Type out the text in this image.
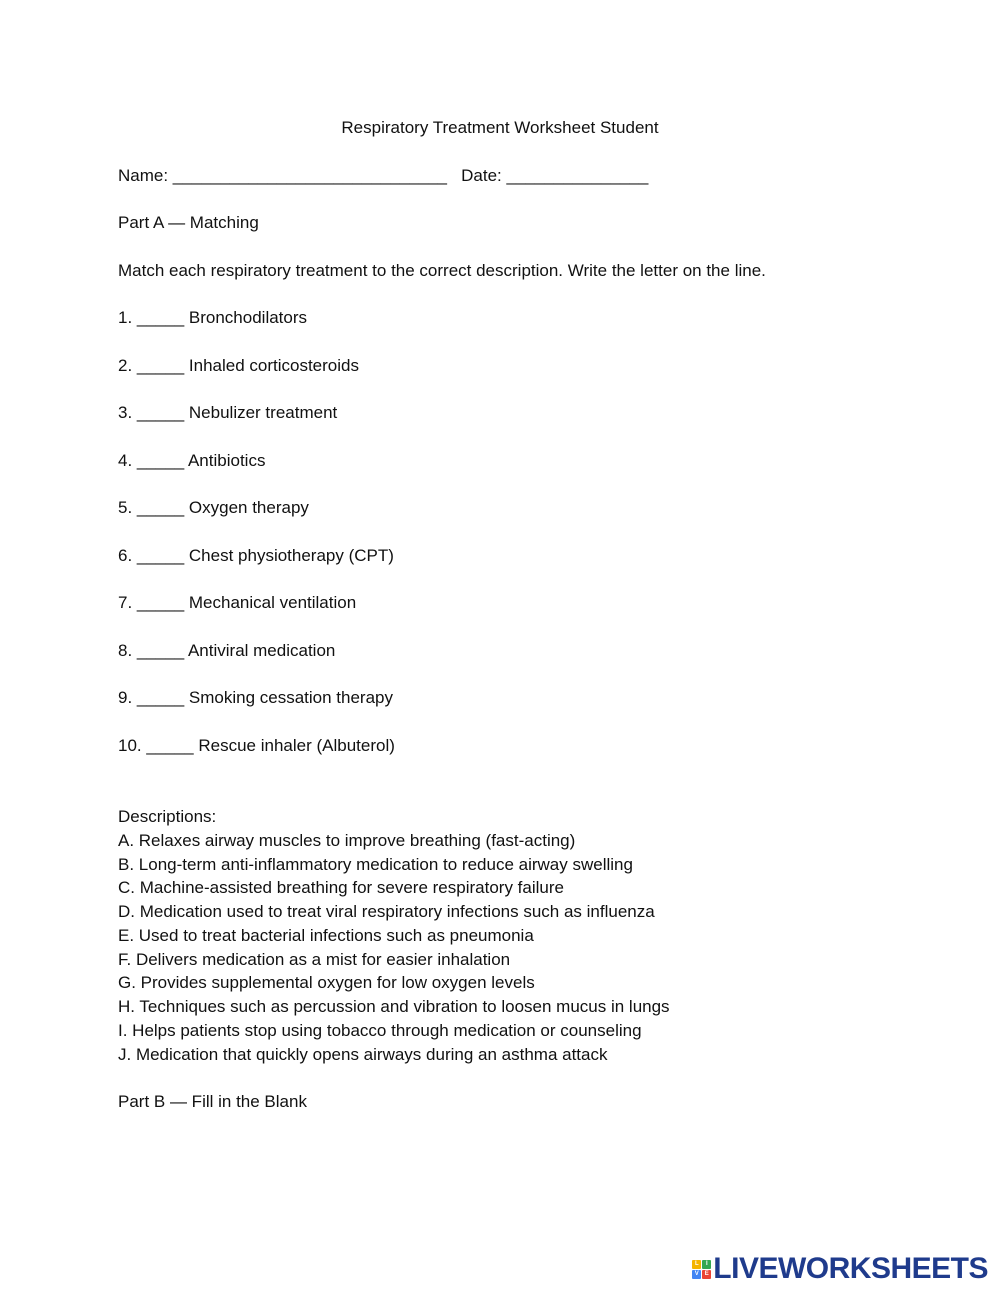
Respiratory Treatment Worksheet Student
Name: _____________________________   Date: _______________
Part A — Matching
Match each respiratory treatment to the correct description. Write the letter on the line.
1. _____ Bronchodilators
2. _____ Inhaled corticosteroids
3. _____ Nebulizer treatment
4. _____ Antibiotics
5. _____ Oxygen therapy
6. _____ Chest physiotherapy (CPT)
7. _____ Mechanical ventilation
8. _____ Antiviral medication
9. _____ Smoking cessation therapy
10. _____ Rescue inhaler (Albuterol)
Descriptions:
A. Relaxes airway muscles to improve breathing (fast-acting)
B. Long-term anti-inflammatory medication to reduce airway swelling
C. Machine-assisted breathing for severe respiratory failure
D. Medication used to treat viral respiratory infections such as influenza
E. Used to treat bacterial infections such as pneumonia
F. Delivers medication as a mist for easier inhalation
G. Provides supplemental oxygen for low oxygen levels
H. Techniques such as percussion and vibration to loosen mucus in lungs
I. Helps patients stop using tobacco through medication or counseling
J. Medication that quickly opens airways during an asthma attack
Part B — Fill in the Blank
L	I
V E LIVEWORKSHEETS
